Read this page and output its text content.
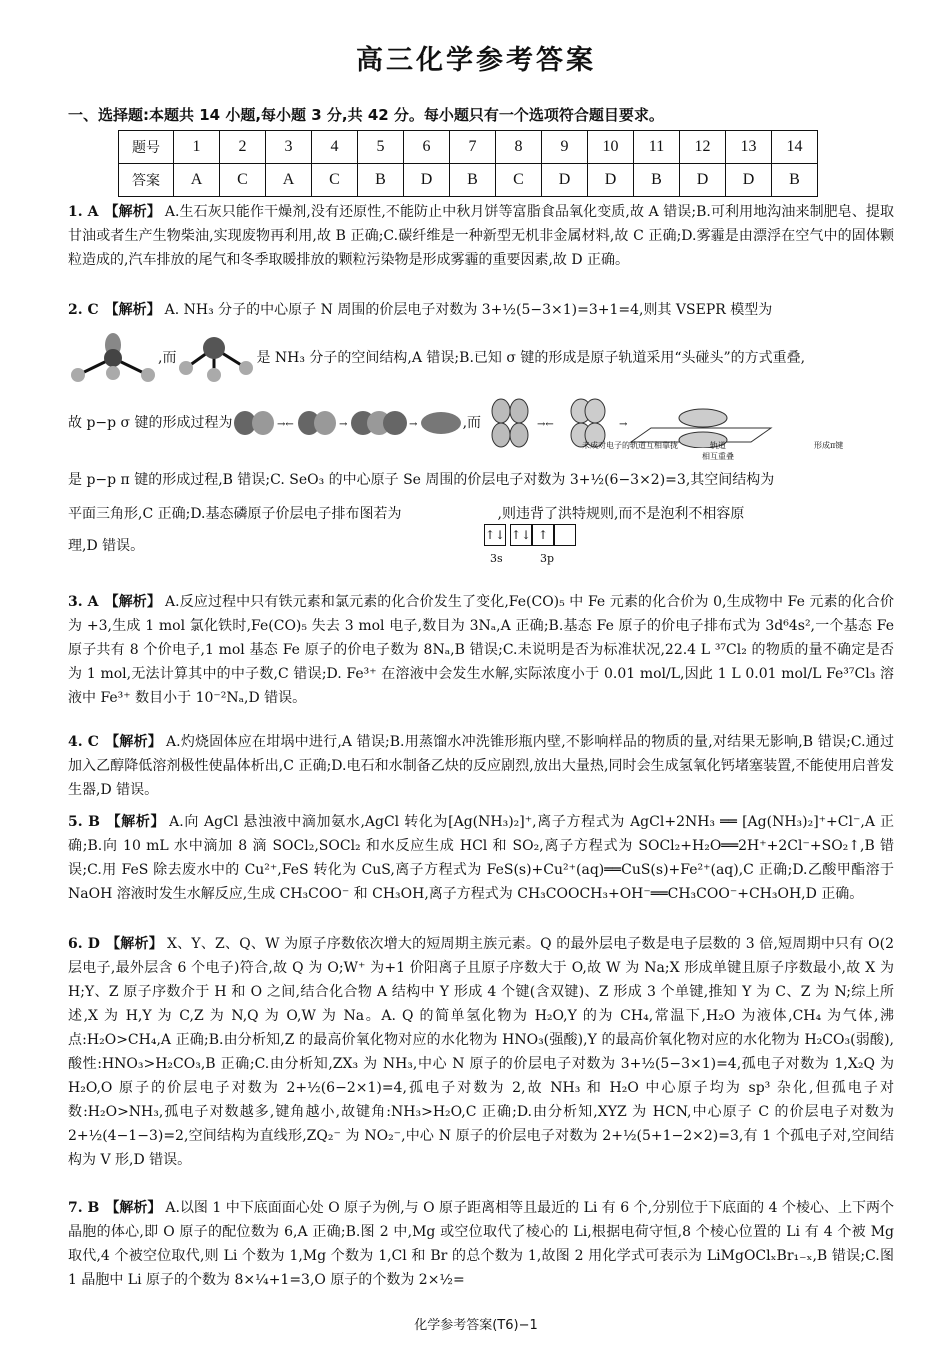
高三化学参考答案
一、选择题:本题共 14 小题,每小题 3 分,共 42 分。每小题只有一个选项符合题目要求。
题号	1	2	3	4	5	6	7	8	9	10	11	12	13	14
答案	A	C	A	C	B	D	B	C	D	D	B	D	D	B
1. A 【解析】 A.生石灰只能作干燥剂,没有还原性,不能防止中秋月饼等富脂食品氧化变质,故 A 错误;B.可利用地沟油来制肥皂、提取甘油或者生产生物柴油,实现废物再利用,故 B 正确;C.碳纤维是一种新型无机非金属材料,故 C 正确;D.雾霾是由漂浮在空气中的固体颗粒造成的,汽车排放的尾气和冬季取暖排放的颗粒污染物是形成雾霾的重要因素,故 D 正确。
2. C 【解析】 A. NH₃ 分子的中心原子 N 周围的价层电子对数为 3+½(5−3×1)=3+1=4,则其 VSEPR 模型为
,而	是 NH₃ 分子的空间结构,A 错误;B.已知 σ 键的形成是原子轨道采用“头碰头”的方式重叠,
故 p−p σ 键的形成过程为	→←	→	→	,而	→←	→
未成对电子的轨道互相靠拢	轨道
相互重叠
形成π键
是 p−p π 键的形成过程,B 错误;C. SeO₃ 的中心原子 Se 周围的价层电子对数为 3+½(6−3×2)=3,其空间结构为
平面三角形,C 正确;D.基态磷原子价层电子排布图若为	,则违背了洪特规则,而不是泡利不相容原
理,D 错误。
↑↓ ↑↓ ↑
3s	3p
3. A 【解析】 A.反应过程中只有铁元素和氯元素的化合价发生了变化,Fe(CO)₅ 中 Fe 元素的化合价为 0,生成物中 Fe 元素的化合价为 +3,生成 1 mol 氯化铁时,Fe(CO)₅ 失去 3 mol 电子,数目为 3Nₐ,A 正确;B.基态 Fe 原子的价电子排布式为 3d⁶4s²,一个基态 Fe 原子共有 8 个价电子,1 mol 基态 Fe 原子的价电子数为 8Nₐ,B 错误;C.未说明是否为标准状况,22.4 L ³⁷Cl₂ 的物质的量不确定是否为 1 mol,无法计算其中的中子数,C 错误;D. Fe³⁺ 在溶液中会发生水解,实际浓度小于 0.01 mol/L,因此 1 L 0.01 mol/L Fe³⁷Cl₃ 溶液中 Fe³⁺ 数目小于 10⁻²Nₐ,D 错误。
4. C 【解析】 A.灼烧固体应在坩埚中进行,A 错误;B.用蒸馏水冲洗锥形瓶内壁,不影响样品的物质的量,对结果无影响,B 错误;C.通过加入乙醇降低溶剂极性使晶体析出,C 正确;D.电石和水制备乙炔的反应剧烈,放出大量热,同时会生成氢氧化钙堵塞装置,不能使用启普发生器,D 错误。
5. B 【解析】 A.向 AgCl 悬浊液中滴加氨水,AgCl 转化为[Ag(NH₃)₂]⁺,离子方程式为 AgCl+2NH₃ ══ [Ag(NH₃)₂]⁺+Cl⁻,A 正确;B.向 10 mL 水中滴加 8 滴 SOCl₂,SOCl₂ 和水反应生成 HCl 和 SO₂,离子方程式为 SOCl₂+H₂O══2H⁺+2Cl⁻+SO₂↑,B 错误;C.用 FeS 除去废水中的 Cu²⁺,FeS 转化为 CuS,离子方程式为 FeS(s)+Cu²⁺(aq)══CuS(s)+Fe²⁺(aq),C 正确;D.乙酸甲酯溶于 NaOH 溶液时发生水解反应,生成 CH₃COO⁻ 和 CH₃OH,离子方程式为 CH₃COOCH₃+OH⁻══CH₃COO⁻+CH₃OH,D 正确。
6. D 【解析】 X、Y、Z、Q、W 为原子序数依次增大的短周期主族元素。Q 的最外层电子数是电子层数的 3 倍,短周期中只有 O(2 层电子,最外层含 6 个电子)符合,故 Q 为 O;W⁺ 为+1 价阳离子且原子序数大于 O,故 W 为 Na;X 形成单键且原子序数最小,故 X 为 H;Y、Z 原子序数介于 H 和 O 之间,结合化合物 A 结构中 Y 形成 4 个键(含双键)、Z 形成 3 个单键,推知 Y 为 C、Z 为 N;综上所述,X 为 H,Y 为 C,Z 为 N,Q 为 O,W 为 Na。A. Q 的简单氢化物为 H₂O,Y 的为 CH₄,常温下,H₂O 为液体,CH₄ 为气体,沸点:H₂O>CH₄,A 正确;B.由分析知,Z 的最高价氧化物对应的水化物为 HNO₃(强酸),Y 的最高价氧化物对应的水化物为 H₂CO₃(弱酸),酸性:HNO₃>H₂CO₃,B 正确;C.由分析知,ZX₃ 为 NH₃,中心 N 原子的价层电子对数为 3+½(5−3×1)=4,孤电子对数为 1,X₂Q 为 H₂O,O 原子的价层电子对数为 2+½(6−2×1)=4,孤电子对数为 2,故 NH₃ 和 H₂O 中心原子均为 sp³ 杂化,但孤电子对数:H₂O>NH₃,孤电子对数越多,键角越小,故键角:NH₃>H₂O,C 正确;D.由分析知,XYZ 为 HCN,中心原子 C 的价层电子对数为 2+½(4−1−3)=2,空间结构为直线形,ZQ₂⁻ 为 NO₂⁻,中心 N 原子的价层电子对数为 2+½(5+1−2×2)=3,有 1 个孤电子对,空间结构为 V 形,D 错误。
7. B 【解析】 A.以图 1 中下底面面心处 O 原子为例,与 O 原子距离相等且最近的 Li 有 6 个,分别位于下底面的 4 个棱心、上下两个晶胞的体心,即 O 原子的配位数为 6,A 正确;B.图 2 中,Mg 或空位取代了棱心的 Li,根据电荷守恒,8 个棱心位置的 Li 有 4 个被 Mg 取代,4 个被空位取代,则 Li 个数为 1,Mg 个数为 1,Cl 和 Br 的总个数为 1,故图 2 用化学式可表示为 LiMgOClₓBr₁₋ₓ,B 错误;C.图 1 晶胞中 Li 原子的个数为 8×¼+1=3,O 原子的个数为 2×½=
化学参考答案(T6)−1
